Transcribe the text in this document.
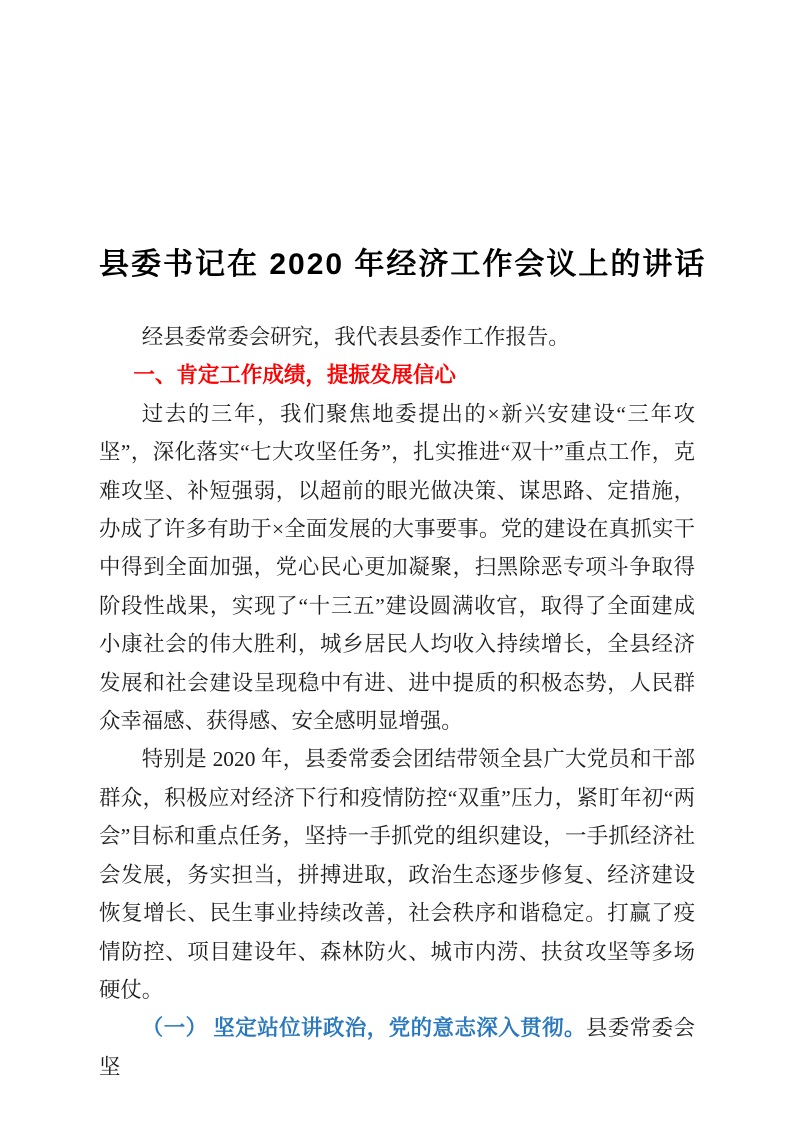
县委书记在 2020 年经济工作会议上的讲话

经县委常委会研究，我代表县委作工作报告。

一、肯定工作成绩，提振发展信心

过去的三年，我们聚焦地委提出的×新兴安建设“三年攻坚”，深化落实“七大攻坚任务”，扎实推进“双十”重点工作，克难攻坚、补短强弱，以超前的眼光做决策、谋思路、定措施，办成了许多有助于×全面发展的大事要事。党的建设在真抓实干中得到全面加强，党心民心更加凝聚，扫黑除恶专项斗争取得阶段性战果，实现了“十三五”建设圆满收官，取得了全面建成小康社会的伟大胜利，城乡居民人均收入持续增长，全县经济发展和社会建设呈现稳中有进、进中提质的积极态势，人民群众幸福感、获得感、安全感明显增强。

特别是 2020 年，县委常委会团结带领全县广大党员和干部群众，积极应对经济下行和疫情防控“双重”压力，紧盯年初“两会”目标和重点任务，坚持一手抓党的组织建设，一手抓经济社会发展，务实担当，拼搏进取，政治生态逐步修复、经济建设恢复增长、民生事业持续改善，社会秩序和谐稳定。打赢了疫情防控、项目建设年、森林防火、城市内涝、扶贫攻坚等多场硬仗。

（一） 坚定站位讲政治，党的意志深入贯彻。县委常委会坚
